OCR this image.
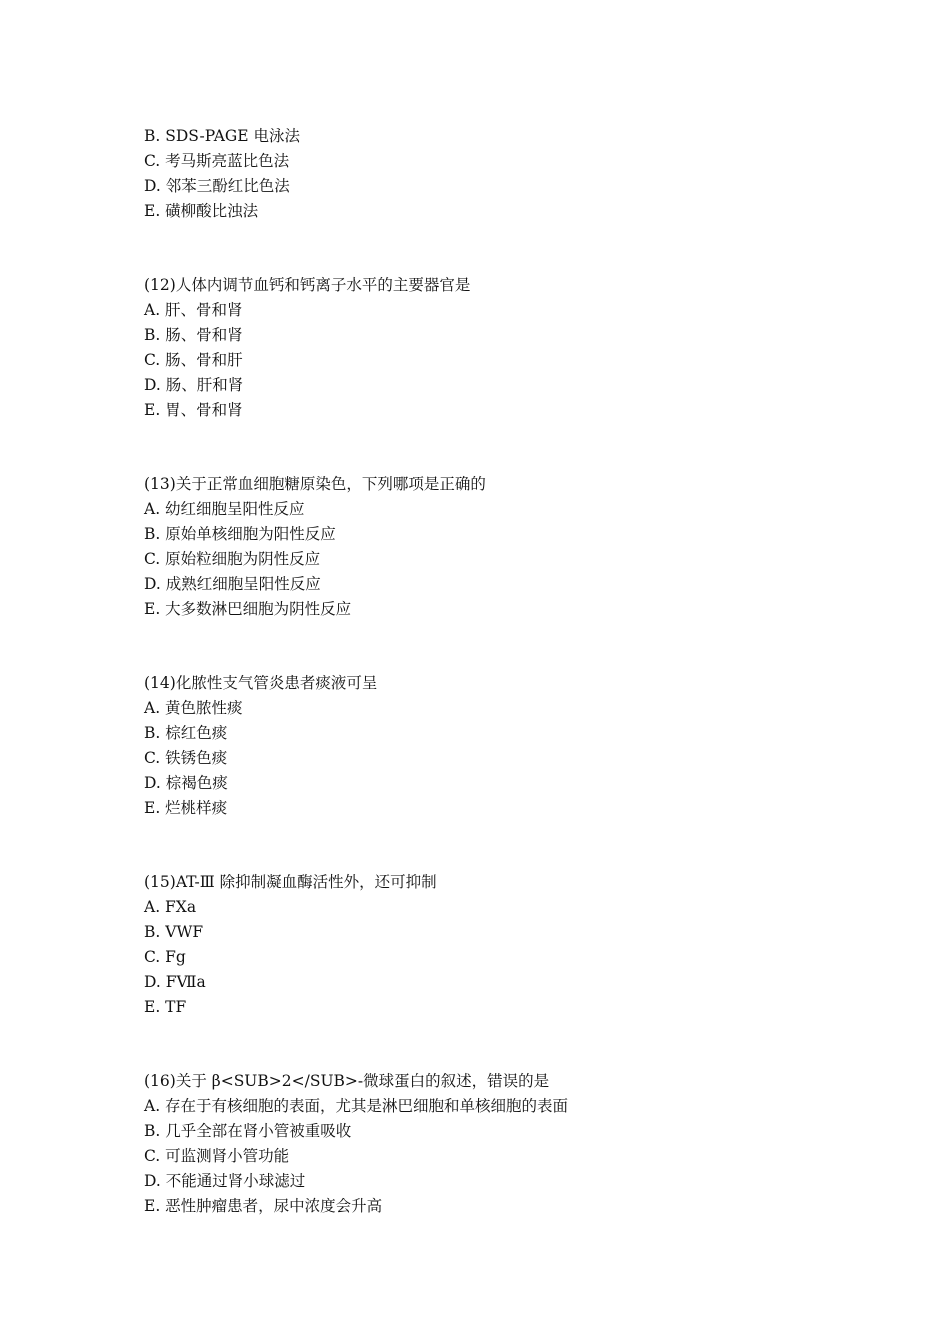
B. SDS-PAGE 电泳法
C. 考马斯亮蓝比色法
D. 邻苯三酚红比色法
E. 磺柳酸比浊法
(12)人体内调节血钙和钙离子水平的主要器官是
A. 肝、骨和肾
B. 肠、骨和肾
C. 肠、骨和肝
D. 肠、肝和肾
E. 胃、骨和肾
(13)关于正常血细胞糖原染色，下列哪项是正确的
A. 幼红细胞呈阳性反应
B. 原始单核细胞为阳性反应
C. 原始粒细胞为阴性反应
D. 成熟红细胞呈阳性反应
E. 大多数淋巴细胞为阴性反应
(14)化脓性支气管炎患者痰液可呈
A. 黄色脓性痰
B. 棕红色痰
C. 铁锈色痰
D. 棕褐色痰
E. 烂桃样痰
(15)AT-Ⅲ 除抑制凝血酶活性外，还可抑制
A. FXa
B. VWF
C. Fg
D. FⅦa
E. TF
(16)关于 β<SUB>2</SUB>-微球蛋白的叙述，错误的是
A. 存在于有核细胞的表面，尤其是淋巴细胞和单核细胞的表面
B. 几乎全部在肾小管被重吸收
C. 可监测肾小管功能
D. 不能通过肾小球滤过
E. 恶性肿瘤患者，尿中浓度会升高
